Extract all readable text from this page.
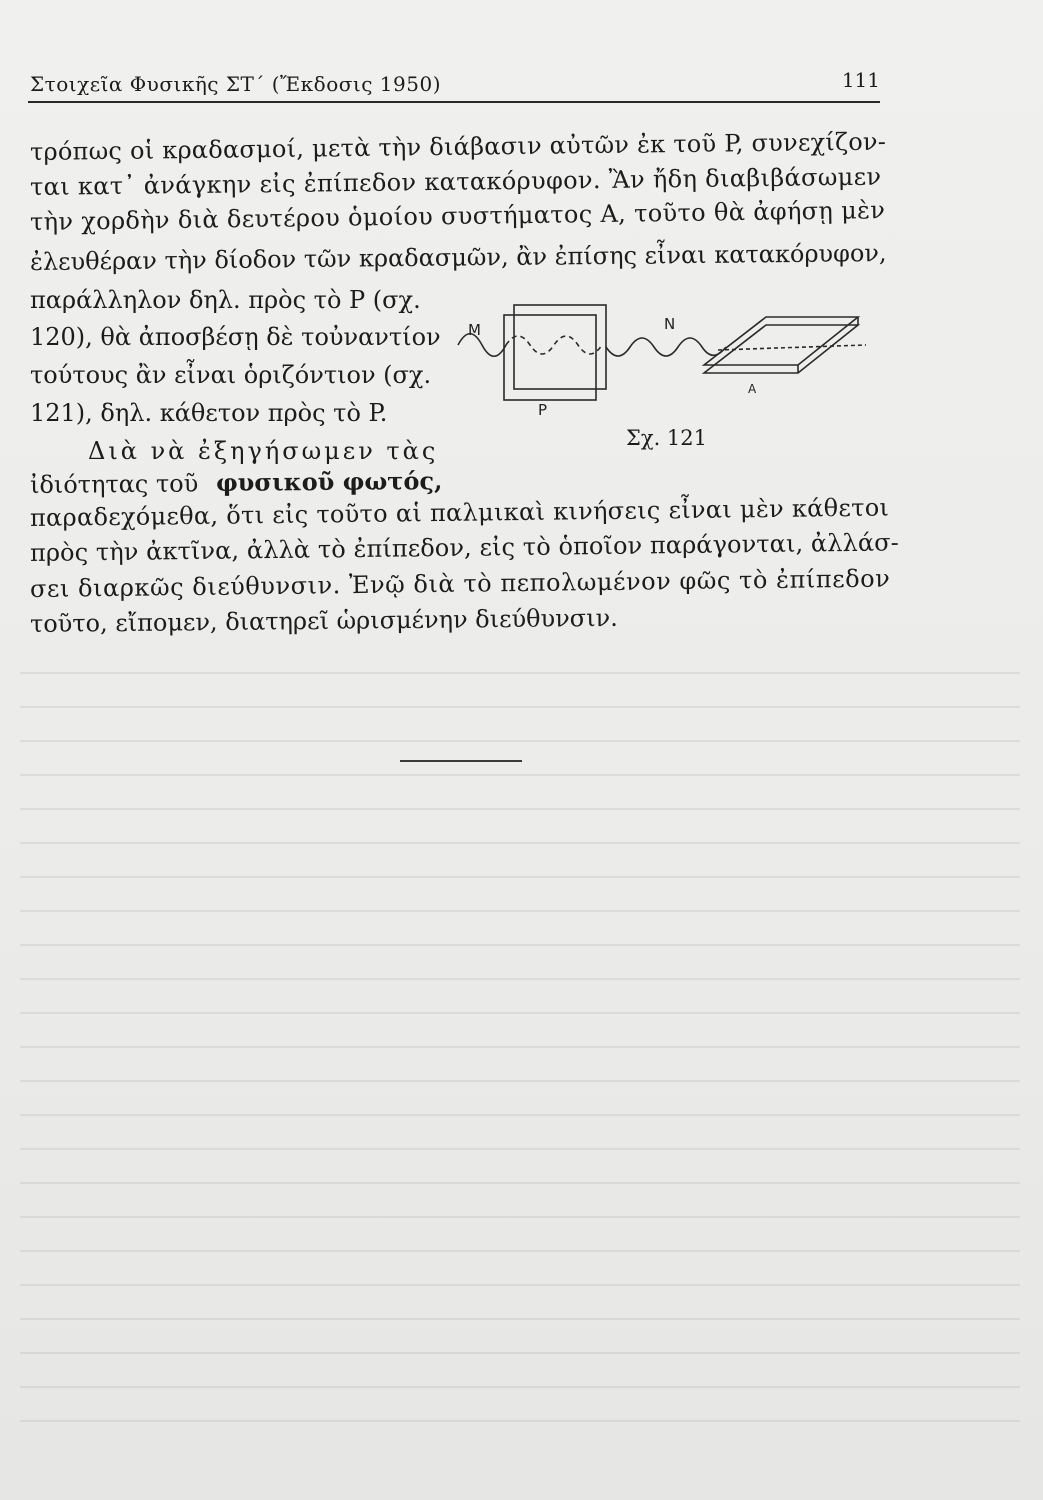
Στοιχεῖα Φυσικῆς ΣΤ΄ (Ἔκδοσις 1950)	111
τρόπως οἱ κραδασμοί, μετὰ τὴν διάβασιν αὐτῶν ἐκ τοῦ P, συνεχίζον-
ται κατ᾿ ἀνάγκην εἰς ἐπίπεδον κατακόρυφον. Ἂν ἤδη διαβιβάσωμεν
τὴν χορδὴν διὰ δευτέρου ὁμοίου συστήματος A, τοῦτο θὰ ἀφήσῃ μὲν
ἐλευθέραν τὴν δίοδον τῶν κραδασμῶν, ἂν ἐπίσης εἶναι κατακόρυφον,
παράλληλον δηλ. πρὸς τὸ P (σχ.
120), θὰ ἀποσβέσῃ δὲ τοὐναντίον
τούτους ἂν εἶναι ὁριζόντιον (σχ.
121), δηλ. κάθετον πρὸς τὸ P.
Διὰ νὰ ἐξηγήσωμεν τὰς
ἰδιότητας τοῦ φυσικοῦ φωτός,
παραδεχόμεθα, ὅτι εἰς τοῦτο αἱ παλμικαὶ κινήσεις εἶναι μὲν κάθετοι
πρὸς τὴν ἀκτῖνα, ἀλλὰ τὸ ἐπίπεδον, εἰς τὸ ὁποῖον παράγονται, ἀλλάσ-
σει διαρκῶς διεύθυνσιν. Ἐνῷ διὰ τὸ πεπολωμένον φῶς τὸ ἐπίπεδον
τοῦτο, εἴπομεν, διατηρεῖ ὡρισμένην διεύθυνσιν.
M	N
P
A
Σχ. 121
